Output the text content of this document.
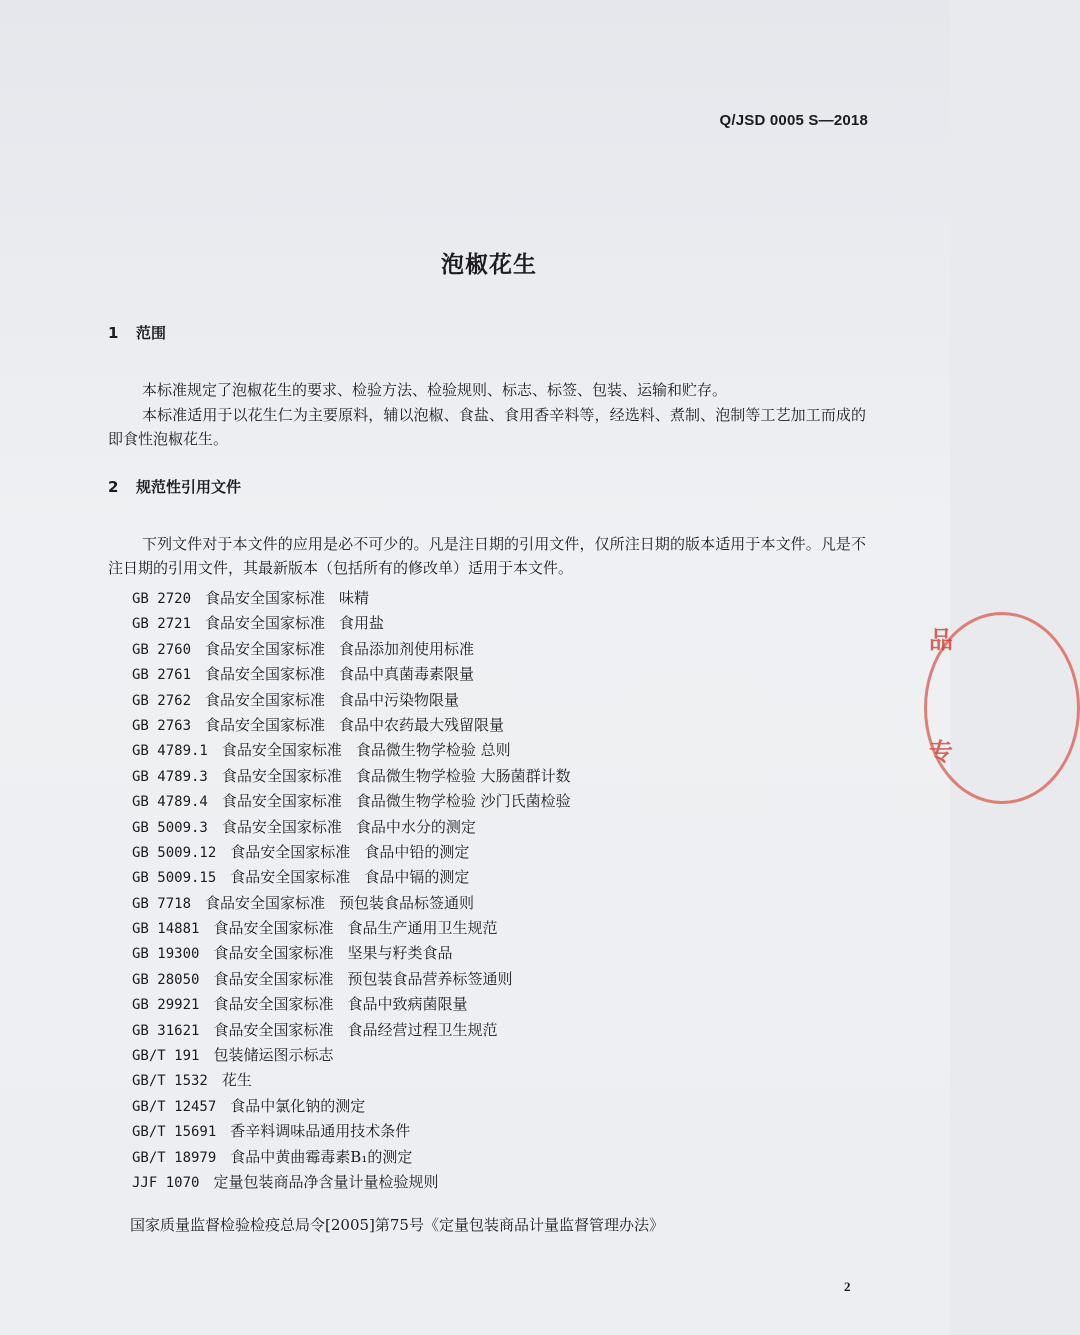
Q/JSD 0005 S—2018
泡椒花生
1 范围

本标准规定了泡椒花生的要求、检验方法、检验规则、标志、标签、包装、运输和贮存。

本标准适用于以花生仁为主要原料，辅以泡椒、食盐、食用香辛料等，经选料、煮制、泡制等工艺加工而成的即食性泡椒花生。

2 规范性引用文件

下列文件对于本文件的应用是必不可少的。凡是注日期的引用文件，仅所注日期的版本适用于本文件。凡是不注日期的引用文件，其最新版本（包括所有的修改单）适用于本文件。

GB 2720 食品安全国家标准 味精
GB 2721 食品安全国家标准 食用盐
GB 2760 食品安全国家标准 食品添加剂使用标准
GB 2761 食品安全国家标准 食品中真菌毒素限量
GB 2762 食品安全国家标准 食品中污染物限量
GB 2763 食品安全国家标准 食品中农药最大残留限量
GB 4789.1 食品安全国家标准 食品微生物学检验 总则
GB 4789.3 食品安全国家标准 食品微生物学检验 大肠菌群计数
GB 4789.4 食品安全国家标准 食品微生物学检验 沙门氏菌检验
GB 5009.3 食品安全国家标准 食品中水分的测定
GB 5009.12 食品安全国家标准 食品中铅的测定
GB 5009.15 食品安全国家标准 食品中镉的测定
GB 7718 食品安全国家标准 预包装食品标签通则
GB 14881 食品安全国家标准 食品生产通用卫生规范
GB 19300 食品安全国家标准 坚果与籽类食品
GB 28050 食品安全国家标准 预包装食品营养标签通则
GB 29921 食品安全国家标准 食品中致病菌限量
GB 31621 食品安全国家标准 食品经营过程卫生规范
GB/T 191 包装储运图示标志
GB/T 1532 花生
GB/T 12457 食品中氯化钠的测定
GB/T 15691 香辛料调味品通用技术条件
GB/T 18979 食品中黄曲霉毒素B₁的测定
JJF 1070 定量包装商品净含量计量检验规则
国家质量监督检验检疫总局令[2005]第75号《定量包装商品计量监督管理办法》
2
品
专
